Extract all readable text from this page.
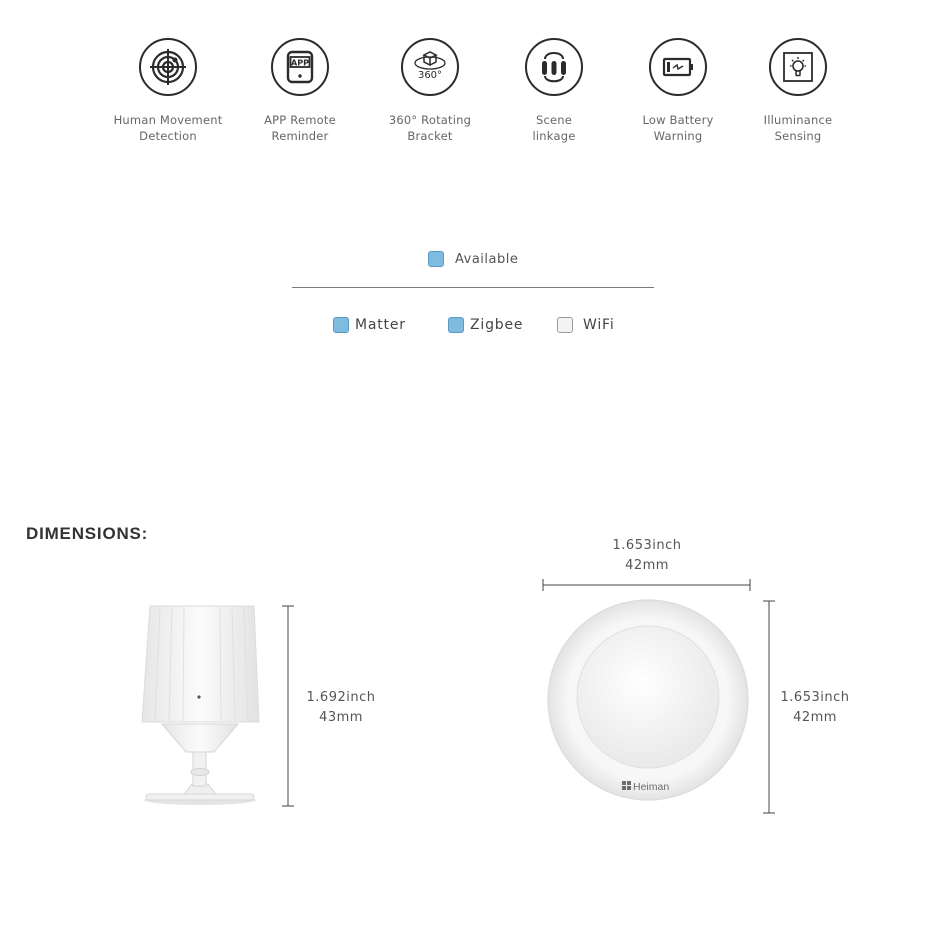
Human Movement
Detection
APP
APP Remote
Reminder
360°
360° Rotating
Bracket
Scene
linkage
Low Battery
Warning
Illuminance
Sensing
Available
Matter	Zigbee	WiFi
DIMENSIONS:
Heiman
1.692inch
43mm
1.653inch
42mm
1.653inch
42mm
